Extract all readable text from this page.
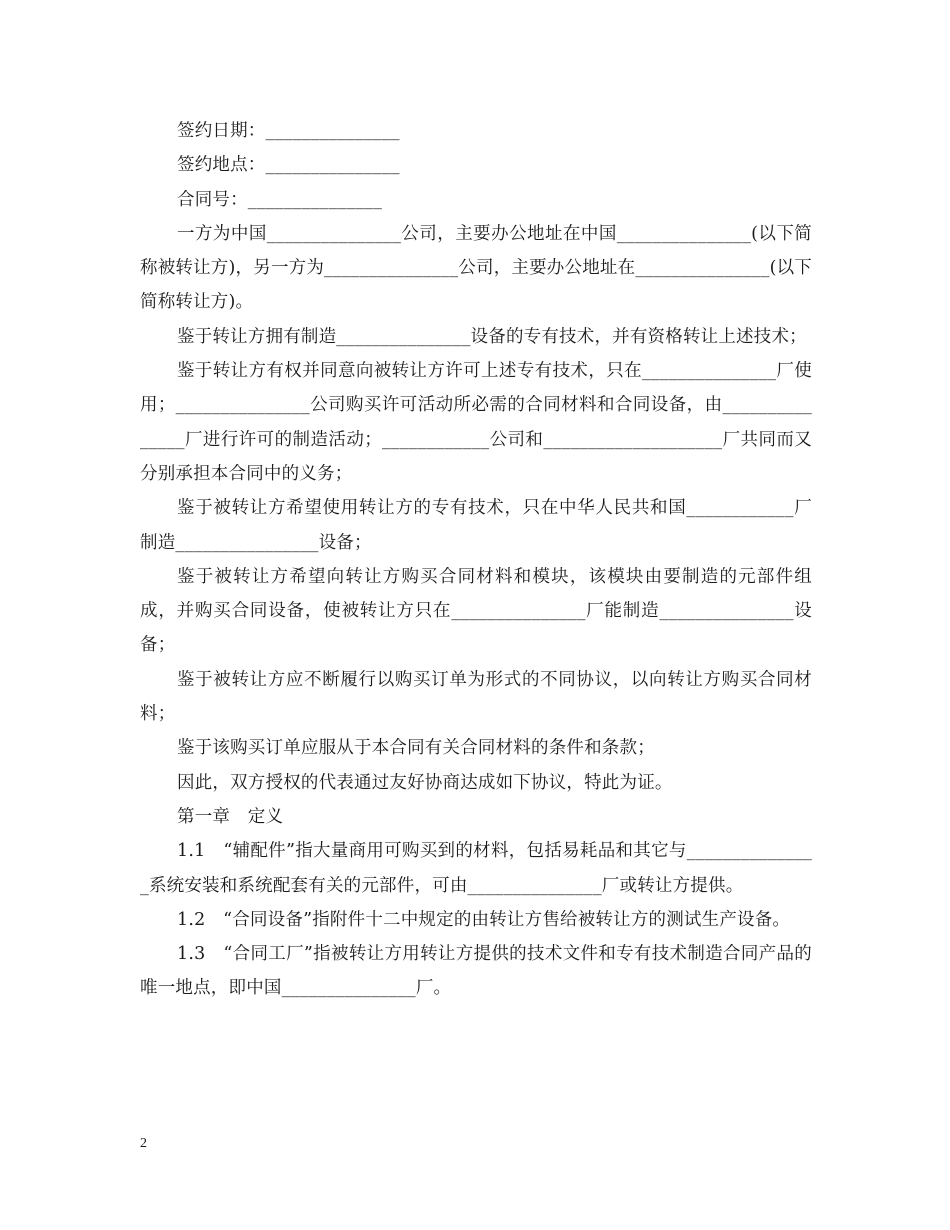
签约日期：_______________

签约地点：_______________

合同号：_______________

一方为中国_______________公司，主要办公地址在中国_______________(以下简称被转让方)，另一方为_______________公司，主要办公地址在_______________(以下简称转让方)。

鉴于转让方拥有制造_______________设备的专有技术，并有资格转让上述技术；

鉴于转让方有权并同意向被转让方许可上述专有技术，只在_______________厂使用；_______________公司购买许可活动所必需的合同材料和合同设备，由_______________厂进行许可的制造活动；____________公司和____________________厂共同而又分别承担本合同中的义务；

鉴于被转让方希望使用转让方的专有技术，只在中华人民共和国____________厂制造________________设备；

鉴于被转让方希望向转让方购买合同材料和模块，该模块由要制造的元部件组成，并购买合同设备，使被转让方只在_______________厂能制造_______________设备；

鉴于被转让方应不断履行以购买订单为形式的不同协议，以向转让方购买合同材料；

鉴于该购买订单应服从于本合同有关合同材料的条件和条款；

因此，双方授权的代表通过友好协商达成如下协议，特此为证。

第一章　定义

1.1　“辅配件”指大量商用可购买到的材料，包括易耗品和其它与_______________系统安装和系统配套有关的元部件，可由_______________厂或转让方提供。

1.2　“合同设备”指附件十二中规定的由转让方售给被转让方的测试生产设备。

1.3　“合同工厂”指被转让方用转让方提供的技术文件和专有技术制造合同产品的唯一地点，即中国_______________厂。

2
